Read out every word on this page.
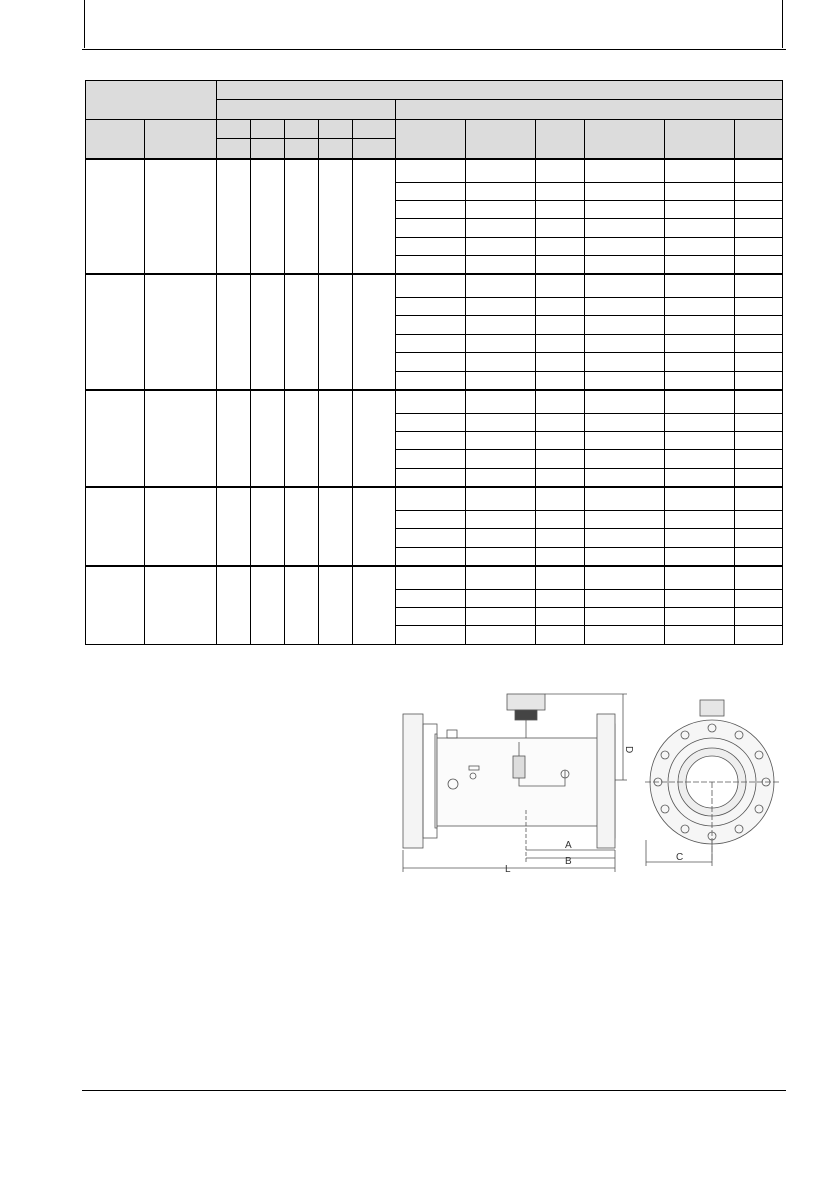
A
B
L
D
C
